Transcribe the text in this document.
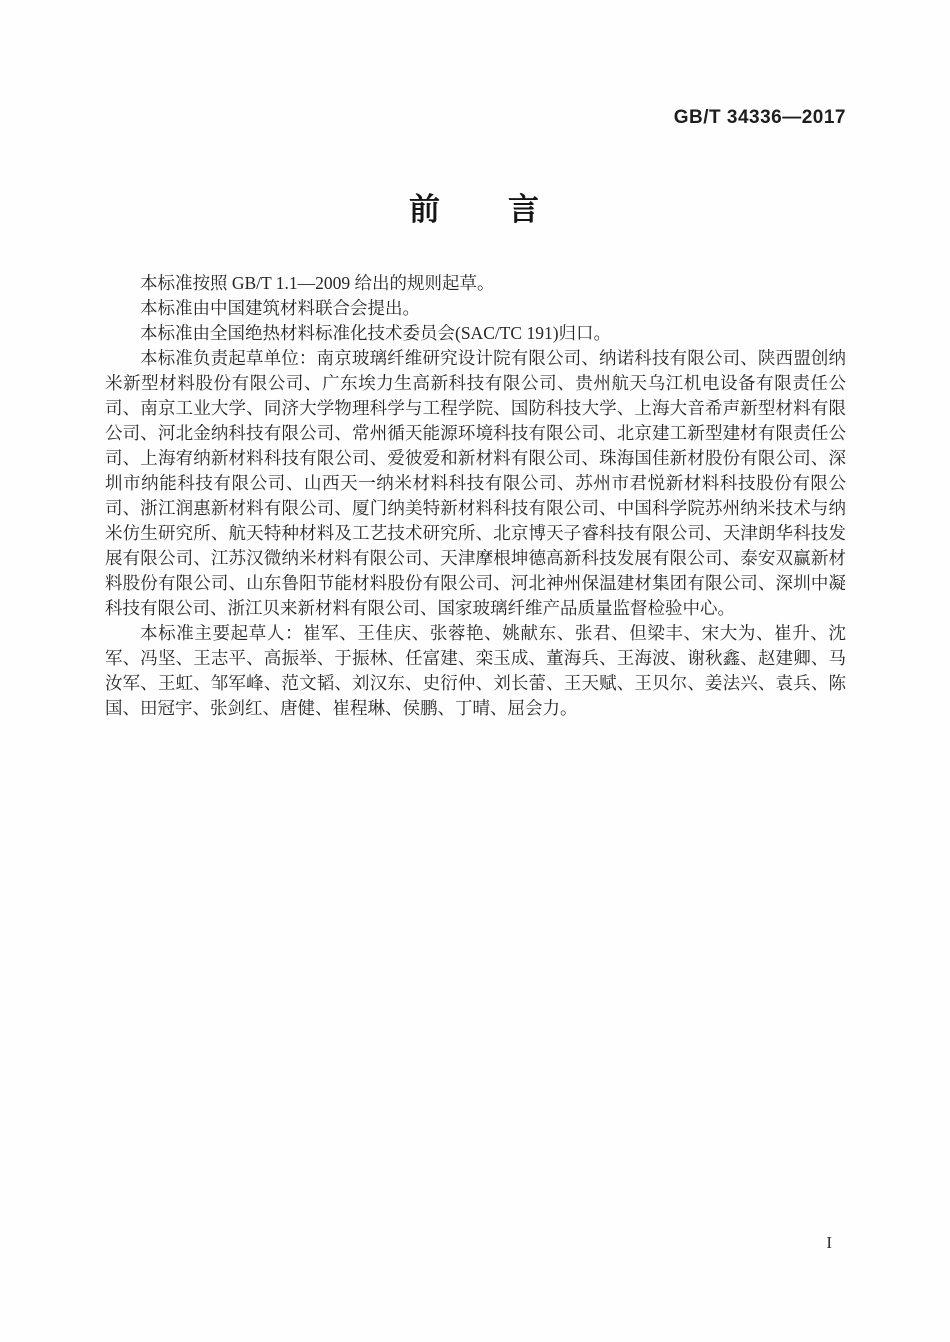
GB/T 34336—2017
前　　言

本标准按照 GB/T 1.1—2009 给出的规则起草。

本标准由中国建筑材料联合会提出。

本标准由全国绝热材料标准化技术委员会(SAC/TC 191)归口。

本标准负责起草单位：南京玻璃纤维研究设计院有限公司、纳诺科技有限公司、陕西盟创纳米新型材料股份有限公司、广东埃力生高新科技有限公司、贵州航天乌江机电设备有限责任公司、南京工业大学、同济大学物理科学与工程学院、国防科技大学、上海大音希声新型材料有限公司、河北金纳科技有限公司、常州循天能源环境科技有限公司、北京建工新型建材有限责任公司、上海宥纳新材料科技有限公司、爱彼爱和新材料有限公司、珠海国佳新材股份有限公司、深圳市纳能科技有限公司、山西天一纳米材料科技有限公司、苏州市君悦新材料科技股份有限公司、浙江润惠新材料有限公司、厦门纳美特新材料科技有限公司、中国科学院苏州纳米技术与纳米仿生研究所、航天特种材料及工艺技术研究所、北京博天子睿科技有限公司、天津朗华科技发展有限公司、江苏汉微纳米材料有限公司、天津摩根坤德高新科技发展有限公司、泰安双赢新材料股份有限公司、山东鲁阳节能材料股份有限公司、河北神州保温建材集团有限公司、深圳中凝科技有限公司、浙江贝来新材料有限公司、国家玻璃纤维产品质量监督检验中心。

本标准主要起草人：崔军、王佳庆、张蓉艳、姚献东、张君、但梁丰、宋大为、崔升、沈军、冯坚、王志平、高振举、于振林、任富建、栾玉成、董海兵、王海波、谢秋鑫、赵建卿、马汝军、王虹、邹军峰、范文韬、刘汉东、史衍仲、刘长蕾、王天赋、王贝尔、姜法兴、袁兵、陈国、田冠宇、张剑红、唐健、崔程琳、侯鹏、丁晴、屈会力。

I
